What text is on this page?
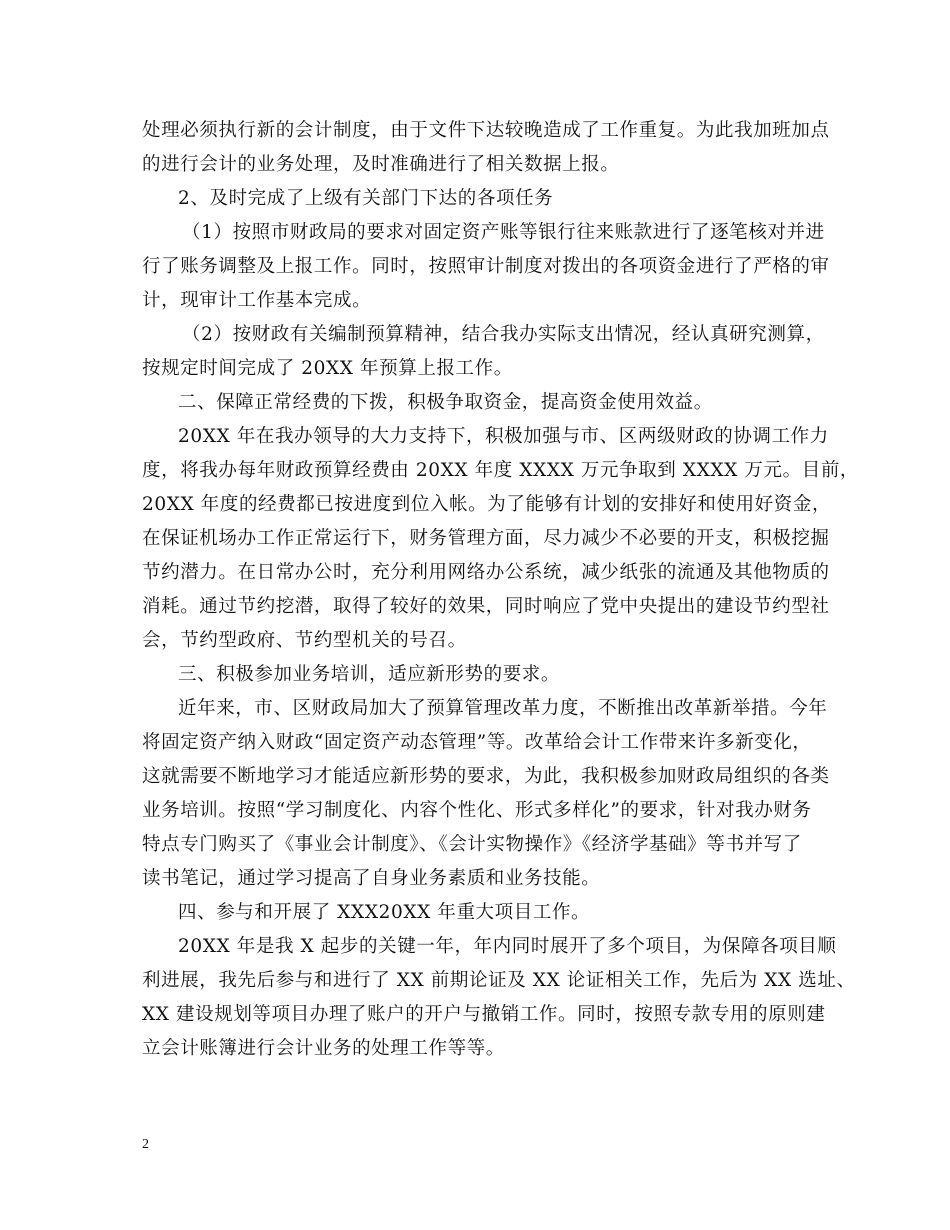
处理必须执行新的会计制度，由于文件下达较晚造成了工作重复。为此我加班加点
的进行会计的业务处理，及时准确进行了相关数据上报。
2、及时完成了上级有关部门下达的各项任务
（1）按照市财政局的要求对固定资产账等银行往来账款进行了逐笔核对并进
行了账务调整及上报工作。同时，按照审计制度对拨出的各项资金进行了严格的审
计，现审计工作基本完成。
（2）按财政有关编制预算精神，结合我办实际支出情况，经认真研究测算，
按规定时间完成了 20XX 年预算上报工作。
二、保障正常经费的下拨，积极争取资金，提高资金使用效益。
20XX 年在我办领导的大力支持下，积极加强与市、区两级财政的协调工作力
度，将我办每年财政预算经费由 20XX 年度 XXXX 万元争取到 XXXX 万元。目前，
20XX 年度的经费都已按进度到位入帐。为了能够有计划的安排好和使用好资金，
在保证机场办工作正常运行下，财务管理方面，尽力减少不必要的开支，积极挖掘
节约潜力。在日常办公时，充分利用网络办公系统，减少纸张的流通及其他物质的
消耗。通过节约挖潜，取得了较好的效果，同时响应了党中央提出的建设节约型社
会，节约型政府、节约型机关的号召。
三、积极参加业务培训，适应新形势的要求。
近年来，市、区财政局加大了预算管理改革力度，不断推出改革新举措。今年
将固定资产纳入财政“固定资产动态管理”等。改革给会计工作带来许多新变化，
这就需要不断地学习才能适应新形势的要求，为此，我积极参加财政局组织的各类
业务培训。按照“学习制度化、内容个性化、形式多样化”的要求，针对我办财务
特点专门购买了《事业会计制度》、《会计实物操作》《经济学基础》等书并写了
读书笔记，通过学习提高了自身业务素质和业务技能。
四、参与和开展了 XXX20XX 年重大项目工作。
20XX 年是我 X 起步的关键一年，年内同时展开了多个项目，为保障各项目顺
利进展，我先后参与和进行了 XX 前期论证及 XX 论证相关工作，先后为 XX 选址、
XX 建设规划等项目办理了账户的开户与撤销工作。同时，按照专款专用的原则建
立会计账簿进行会计业务的处理工作等等。
2
